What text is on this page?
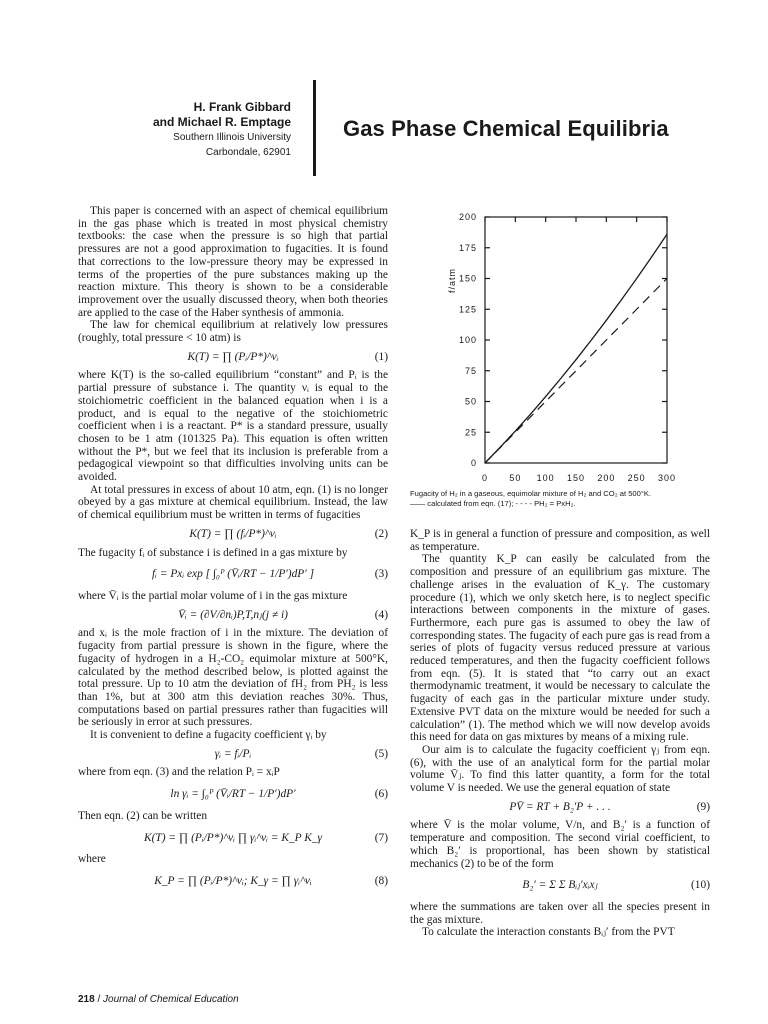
H. Frank Gibbard
and Michael R. Emptage
Southern Illinois University
Carbondale, 62901
Gas Phase Chemical Equilibria

This paper is concerned with an aspect of chemical equilibrium in the gas phase which is treated in most physical chemistry textbooks: the case when the pressure is so high that partial pressures are not a good approximation to fugacities. It is found that corrections to the low-pressure theory may be expressed in terms of the properties of the pure substances making up the reaction mixture. This theory is shown to be a considerable improvement over the usually discussed theory, when both theories are applied to the case of the Haber synthesis of ammonia.

The law for chemical equilibrium at relatively low pressures (roughly, total pressure < 10 atm) is

K(T) = ∏ (Pᵢ/P*)^νᵢ	(1)

where K(T) is the so-called equilibrium “constant” and Pᵢ is the partial pressure of substance i. The quantity νᵢ is equal to the stoichiometric coefficient in the balanced equation when i is a product, and is equal to the negative of the stoichiometric coefficient when i is a reactant. P* is a standard pressure, usually chosen to be 1 atm (101325 Pa). This equation is often written without the P*, but we feel that its inclusion is preferable from a pedagogical viewpoint so that difficulties involving units can be avoided.

At total pressures in excess of about 10 atm, eqn. (1) is no longer obeyed by a gas mixture at chemical equilibrium. Instead, the law of chemical equilibrium must be written in terms of fugacities

K(T) = ∏ (fᵢ/P*)^νᵢ	(2)

The fugacity fᵢ of substance i is defined in a gas mixture by

fᵢ = Pxᵢ exp [ ∫₀ᴾ (V̄ᵢ/RT − 1/P′)dP′ ]	(3)

where V̄ᵢ is the partial molar volume of i in the gas mixture

V̄ᵢ = (∂V/∂nᵢ)P,T,nⱼ(j ≠ i)	(4)

and xᵢ is the mole fraction of i in the mixture. The deviation of fugacity from partial pressure is shown in the figure, where the fugacity of hydrogen in a H₂-CO₂ equimolar mixture at 500°K, calculated by the method described below, is plotted against the total pressure. Up to 10 atm the deviation of fH₂ from PH₂ is less than 1%, but at 300 atm this deviation reaches 30%. Thus, computations based on partial pressures rather than fugacities will be seriously in error at such pressures.

It is convenient to define a fugacity coefficient γᵢ by

γᵢ = fᵢ/Pᵢ	(5)

where from eqn. (3) and the relation Pᵢ = xᵢP

ln γᵢ = ∫₀ᴾ (V̄ᵢ/RT − 1/P′)dP′	(6)

Then eqn. (2) can be written

K(T) = ∏ (Pᵢ/P*)^νᵢ ∏ γᵢ^νᵢ = K_P K_γ	(7)

where

K_P = ∏ (Pᵢ/P*)^νᵢ; K_γ = ∏ γᵢ^νᵢ	(8)
200
175
150
125
100
75
50
25
0
0 50 100 150 200 250 300
f/atm
Fugacity of H₂ in a gaseous, equimolar mixture of H₂ and CO₂ at 500°K.
—— calculated from eqn. (17); - - - - PH₂ = PxH₂.

K_P is in general a function of pressure and composition, as well as temperature.

The quantity K_P can easily be calculated from the composition and pressure of an equilibrium gas mixture. The challenge arises in the evaluation of K_γ. The customary procedure (1), which we only sketch here, is to neglect specific interactions between components in the mixture of gases. Furthermore, each pure gas is assumed to obey the law of corresponding states. The fugacity of each pure gas is read from a series of plots of fugacity versus reduced pressure at various reduced temperatures, and then the fugacity coefficient follows from eqn. (5). It is stated that “to carry out an exact thermodynamic treatment, it would be necessary to calculate the fugacity of each gas in the particular mixture under study. Extensive PVT data on the mixture would be needed for such a calculation” (1). The method which we will now develop avoids this need for data on gas mixtures by means of a mixing rule.

Our aim is to calculate the fugacity coefficient γⱼ from eqn. (6), with the use of an analytical form for the partial molar volume V̄ⱼ. To find this latter quantity, a form for the total volume V is needed. We use the general equation of state

PV̄ = RT + B₂′P + . . .	(9)

where V̄ is the molar volume, V/n, and B₂′ is a function of temperature and composition. The second virial coefficient, to which B₂′ is proportional, has been shown by statistical mechanics (2) to be of the form

B₂′ = Σ Σ Bᵢⱼ′xᵢxⱼ	(10)

where the summations are taken over all the species present in the gas mixture.

To calculate the interaction constants Bᵢⱼ′ from the PVT

218 / Journal of Chemical Education
